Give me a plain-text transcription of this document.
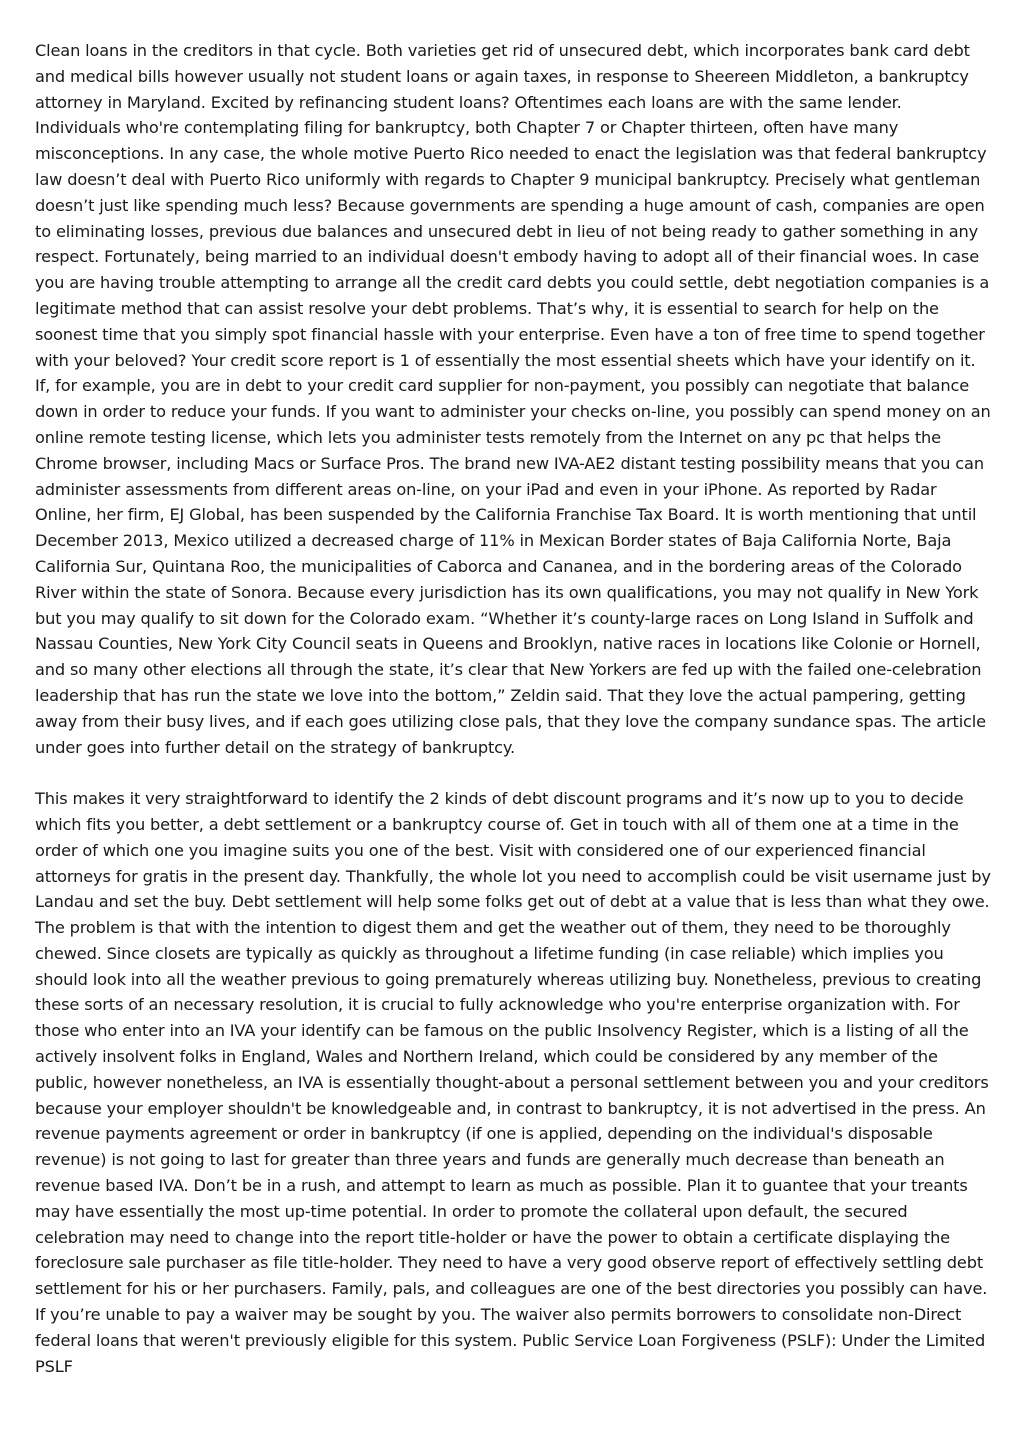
Clean loans in the creditors in that cycle. Both varieties get rid of unsecured debt, which incorporates bank card debt and medical bills however usually not student loans or again taxes, in response to Sheereen Middleton, a bankruptcy attorney in Maryland. Excited by refinancing student loans? Oftentimes each loans are with the same lender. Individuals who're contemplating filing for bankruptcy, both Chapter 7 or Chapter thirteen, often have many misconceptions. In any case, the whole motive Puerto Rico needed to enact the legislation was that federal bankruptcy law doesn’t deal with Puerto Rico uniformly with regards to Chapter 9 municipal bankruptcy. Precisely what gentleman doesn’t just like spending much less? Because governments are spending a huge amount of cash, companies are open to eliminating losses, previous due balances and unsecured debt in lieu of not being ready to gather something in any respect. Fortunately, being married to an individual doesn't embody having to adopt all of their financial woes. In case you are having trouble attempting to arrange all the credit card debts you could settle, debt negotiation companies is a legitimate method that can assist resolve your debt problems. That’s why, it is essential to search for help on the soonest time that you simply spot financial hassle with your enterprise. Even have a ton of free time to spend together with your beloved? Your credit score report is 1 of essentially the most essential sheets which have your identify on it. If, for example, you are in debt to your credit card supplier for non-payment, you possibly can negotiate that balance down in order to reduce your funds. If you want to administer your checks on-line, you possibly can spend money on an online remote testing license, which lets you administer tests remotely from the Internet on any pc that helps the Chrome browser, including Macs or Surface Pros. The brand new IVA-AE2 distant testing possibility means that you can administer assessments from different areas on-line, on your iPad and even in your iPhone. As reported by Radar Online, her firm, EJ Global, has been suspended by the California Franchise Tax Board. It is worth mentioning that until December 2013, Mexico utilized a decreased charge of 11% in Mexican Border states of Baja California Norte, Baja California Sur, Quintana Roo, the municipalities of Caborca and Cananea, and in the bordering areas of the Colorado River within the state of Sonora. Because every jurisdiction has its own qualifications, you may not qualify in New York but you may qualify to sit down for the Colorado exam. “Whether it’s county-large races on Long Island in Suffolk and Nassau Counties, New York City Council seats in Queens and Brooklyn, native races in locations like Colonie or Hornell, and so many other elections all through the state, it’s clear that New Yorkers are fed up with the failed one-celebration leadership that has run the state we love into the bottom,” Zeldin said. That they love the actual pampering, getting away from their busy lives, and if each goes utilizing close pals, that they love the company sundance spas. The article under goes into further detail on the strategy of bankruptcy.

This makes it very straightforward to identify the 2 kinds of debt discount programs and it’s now up to you to decide which fits you better, a debt settlement or a bankruptcy course of. Get in touch with all of them one at a time in the order of which one you imagine suits you one of the best. Visit with considered one of our experienced financial attorneys for gratis in the present day. Thankfully, the whole lot you need to accomplish could be visit username just by Landau and set the buy. Debt settlement will help some folks get out of debt at a value that is less than what they owe. The problem is that with the intention to digest them and get the weather out of them, they need to be thoroughly chewed. Since closets are typically as quickly as throughout a lifetime funding (in case reliable) which implies you should look into all the weather previous to going prematurely whereas utilizing buy. Nonetheless, previous to creating these sorts of an necessary resolution, it is crucial to fully acknowledge who you're enterprise organization with. For those who enter into an IVA your identify can be famous on the public Insolvency Register, which is a listing of all the actively insolvent folks in England, Wales and Northern Ireland, which could be considered by any member of the public, however nonetheless, an IVA is essentially thought-about a personal settlement between you and your creditors because your employer shouldn't be knowledgeable and, in contrast to bankruptcy, it is not advertised in the press. An revenue payments agreement or order in bankruptcy (if one is applied, depending on the individual's disposable revenue) is not going to last for greater than three years and funds are generally much decrease than beneath an revenue based IVA. Don’t be in a rush, and attempt to learn as much as possible. Plan it to guantee that your treants may have essentially the most up-time potential. In order to promote the collateral upon default, the secured celebration may need to change into the report title-holder or have the power to obtain a certificate displaying the foreclosure sale purchaser as file title-holder. They need to have a very good observe report of effectively settling debt settlement for his or her purchasers. Family, pals, and colleagues are one of the best directories you possibly can have. If you’re unable to pay a waiver may be sought by you. The waiver also permits borrowers to consolidate non-Direct federal loans that weren't previously eligible for this system. Public Service Loan Forgiveness (PSLF): Under the Limited PSLF
